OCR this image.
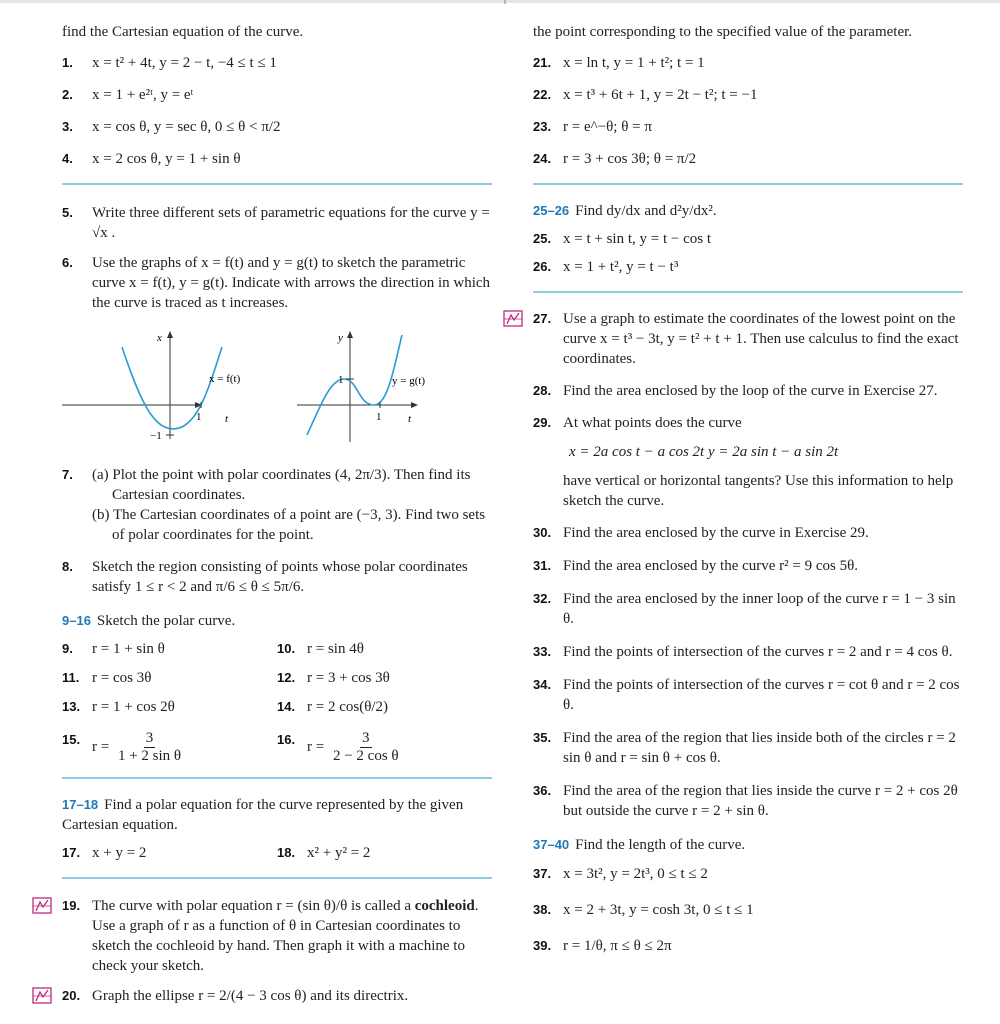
find the Cartesian equation of the curve.

1. x = t² + 4t, y = 2 − t, −4 ≤ t ≤ 1
2. x = 1 + e²ᵗ, y = eᵗ
3. x = cos θ, y = sec θ, 0 ≤ θ < π/2
4. x = 2 cos θ, y = 1 + sin θ
5. Write three different sets of parametric equations for the curve y = √x .
6. Use the graphs of x = f(t) and y = g(t) to sketch the parametric curve x = f(t), y = g(t). Indicate with arrows the direction in which the curve is traced as t increases.
x
t
x = f(t)
1
−1
y
t
y = g(t)
1
1
7. (a) Plot the point with polar coordinates (4, 2π/3). Then find its Cartesian coordinates.
(b) The Cartesian coordinates of a point are (−3, 3). Find two sets of polar coordinates for the point.
8. Sketch the region consisting of points whose polar coordinates satisfy 1 ≤ r < 2 and π/6 ≤ θ ≤ 5π/6.
9–16 Sketch the polar curve.
9. r = 1 + sin θ	10. r = sin 4θ
11. r = cos 3θ	12. r = 3 + cos 3θ
13. r = 1 + cos 2θ	14. r = 2 cos(θ/2)
15. $r = \frac{3}{\text{1 + 2 sin θ}}$	16. $r = \frac{3}{\text{2 − 2 cos θ}}$
17–18 Find a polar equation for the curve represented by the given Cartesian equation.
17. x + y = 2	18. x² + y² = 2
19. The curve with polar equation r = (sin θ)/θ is called a cochleoid. Use a graph of r as a function of θ in Cartesian coordinates to sketch the cochleoid by hand. Then graph it with a machine to check your sketch.
20. Graph the ellipse r = 2/(4 − 3 cos θ) and its directrix.

the point corresponding to the specified value of the parameter.

21. x = ln t, y = 1 + t²; t = 1
22. x = t³ + 6t + 1, y = 2t − t²; t = −1
23. r = e^−θ; θ = π
24. r = 3 + cos 3θ; θ = π/2
25–26 Find dy/dx and d²y/dx².
25. x = t + sin t, y = t − cos t
26. x = 1 + t², y = t − t³
27. Use a graph to estimate the coordinates of the lowest point on the curve x = t³ − 3t, y = t² + t + 1. Then use calculus to find the exact coordinates.
28. Find the area enclosed by the loop of the curve in Exercise 27.
29. At what points does the curve
x = 2a cos t − a cos 2t y = 2a sin t − a sin 2t
have vertical or horizontal tangents? Use this information to help sketch the curve.
30. Find the area enclosed by the curve in Exercise 29.
31. Find the area enclosed by the curve r² = 9 cos 5θ.
32. Find the area enclosed by the inner loop of the curve r = 1 − 3 sin θ.
33. Find the points of intersection of the curves r = 2 and r = 4 cos θ.
34. Find the points of intersection of the curves r = cot θ and r = 2 cos θ.
35. Find the area of the region that lies inside both of the circles r = 2 sin θ and r = sin θ + cos θ.
36. Find the area of the region that lies inside the curve r = 2 + cos 2θ but outside the curve r = 2 + sin θ.
37–40 Find the length of the curve.
37. x = 3t², y = 2t³, 0 ≤ t ≤ 2
38. x = 2 + 3t, y = cosh 3t, 0 ≤ t ≤ 1
39. r = 1/θ, π ≤ θ ≤ 2π
